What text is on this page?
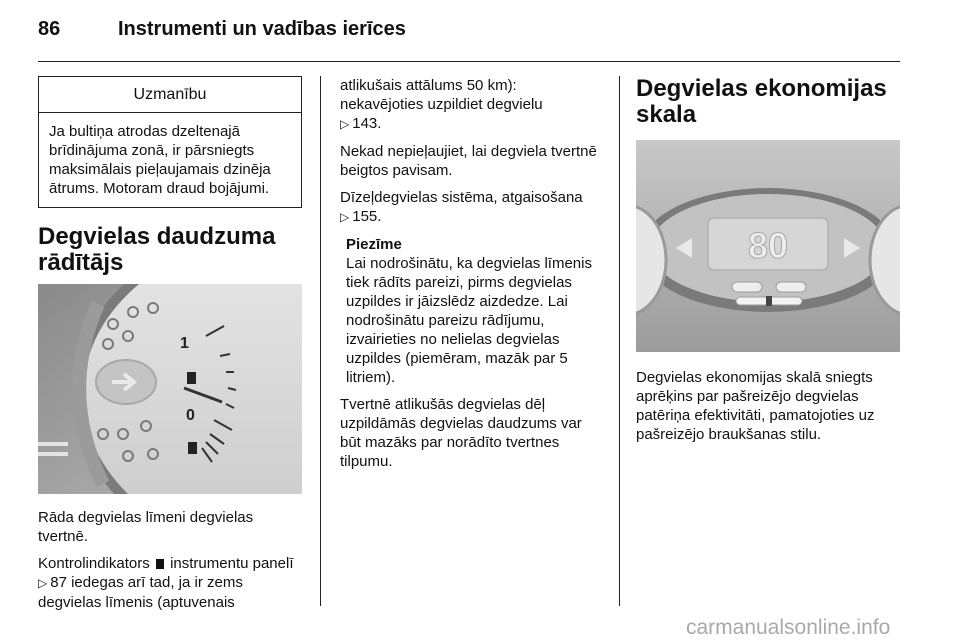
86	Instrumenti un vadības ierīces
Uzmanību
Ja bultiņa atrodas dzeltenajā brīdinājuma zonā, ir pārsniegts maksimālais pieļaujamais dzinēja ātrums. Motoram draud bojājumi.
Degvielas daudzuma rādītājs
1
0

Rāda degvielas līmeni degvielas tvertnē.

Kontrolindikators instrumentu panelī ▷ 87 iedegas arī tad, ja ir zems degvielas līmenis (aptuvenais

atlikušais attālums 50 km): nekavējoties uzpildiet degvielu
▷ 143.

Nekad nepieļaujiet, lai degviela tvertnē beigtos pavisam.

Dīzeļdegvielas sistēma, atgaisošana
▷ 155.

Piezīme
Lai nodrošinātu, ka degvielas līmenis tiek rādīts pareizi, pirms degvielas uzpildes ir jāizslēdz aizdedze. Lai nodrošinātu pareizu rādījumu, izvairieties no nelielas degvielas uzpildes (piemēram, mazāk par 5 litriem).

Tvertnē atlikušās degvielas dēļ uzpildāmās degvielas daudzums var būt mazāks par norādīto tvertnes tilpumu.

Degvielas ekonomijas skala
80

Degvielas ekonomijas skalā sniegts aprēķins par pašreizējo degvielas patēriņa efektivitāti, pamatojoties uz pašreizējo braukšanas stilu.

carmanualsonline.info
